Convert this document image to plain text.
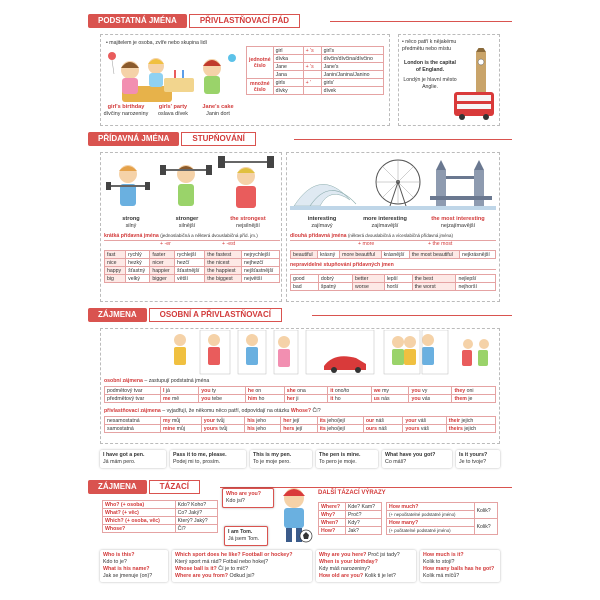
PODSTATNÁ JMÉNA	PŘIVLASTŇOVACÍ PÁD
• majitelem je osoba, zvíře nebo skupina lidí
girl's birthday
dívčiny narozeniny
girls' party
oslava dívek
Jane's cake
Janin dort
jednotné číslo	girl	+ 's	girl's
	dívka		dívčin/dívčina/dívčino
	Jane	+ 's	Jane's
	Jana		Janin/Janina/Janino
množné číslo	girls	+ '	girls'
	dívky		dívek
• něco patří k nějakému předmětu nebo místu
London is the capital of England.
Londýn je hlavní město Anglie.
PŘÍDAVNÁ JMÉNA	STUPŇOVÁNÍ
strong
silný
stronger
silnější
the strongest
nejsilnější
interesting
zajímavý
more interesting
zajímavější
the most interesting
nejzajímavější
krátká přídavná jména (jednoslabičná a některá dvouslabičná příd. jm.)
+ -er	+ -est
fast	rychlý	faster	rychlejší	the fastest	nejrychlejší
nice	hezký	nicer	hezčí	the nicest	nejhezčí
happy	šťastný	happier	šťastnější	the happiest	nejšťastnější
big	velký	bigger	větší	the biggest	největší
dlouhá přídavná jména (některá dvouslabičná a víceslabičná přídavná jména)
+ more	+ the most
beautiful	krásný	more beautiful	krásnější	the most beautiful	nejkrásnější
nepravidelné stupňování přídavných jmen
good	dobrý	better	lepší	the best	nejlepší
bad	špatný	worse	horší	the worst	nejhorší
ZÁJMENA	OSOBNÍ A PŘIVLASTŇOVACÍ
osobní zájmena – zastupují podstatná jména
podmětový tvar	I já	you ty	he on	she ona	it ono/to	we my	you vy	they oni
předmětový tvar	me mě	you tebe	him ho	her ji	it ho	us nás	you vás	them je
přivlastňovací zájmena – vyjadřují, že někomu něco patří, odpovídají na otázku Whose? Čí?
nesamostatná	my můj	your tvůj	his jeho	her její	its jeho/její	our náš	your váš	their jejich
samostatná	mine můj	yours tvůj	his jeho	hers její	its jeho/její	ours náš	yours váš	theirs jejich
I have got a pen.
Já mám pero.
Pass it to me, please.
Podej mi to, prosím.
This is my pen.
To je moje pero.
The pen is mine.
To pero je moje.
What have you got?
Co máš?
Is it yours?
Je to tvoje?
ZÁJMENA	TÁZACÍ
Who? (+ osoba)	Kdo? Koho?
What? (+ věc)	Co? Jaký?
Which? (+ osoba, věc)	Který? Jaký?
Whose?	Čí?
Who are you?
Kdo jsi?
I am Tom.
Já jsem Tom.
DALŠÍ TÁZACÍ VÝRAZY
Where?	Kde? Kam?
Why?	Proč?
When?	Kdy?
How?	Jak?
How much?	Kolik?
(+ nepočitatelné podstatné jméno)	
How many?	Kolik?
(+ počitatelné podstatné jméno)	
Who is this?
Kdo to je?
What is his name?
Jak se jmenuje (on)?
Which sport does he like? Football or hockey?
Který sport má rád? Fotbal nebo hokej?
Whose ball is it? Čí je to míč?
Where are you from? Odkud jsi?
Why are you here? Proč jsi tady?
When is your birthday?
Kdy máš narozeniny?
How old are you? Kolik ti je let?
How much is it?
Kolik to stojí?
How many balls has he got?
Kolik má míčů?
